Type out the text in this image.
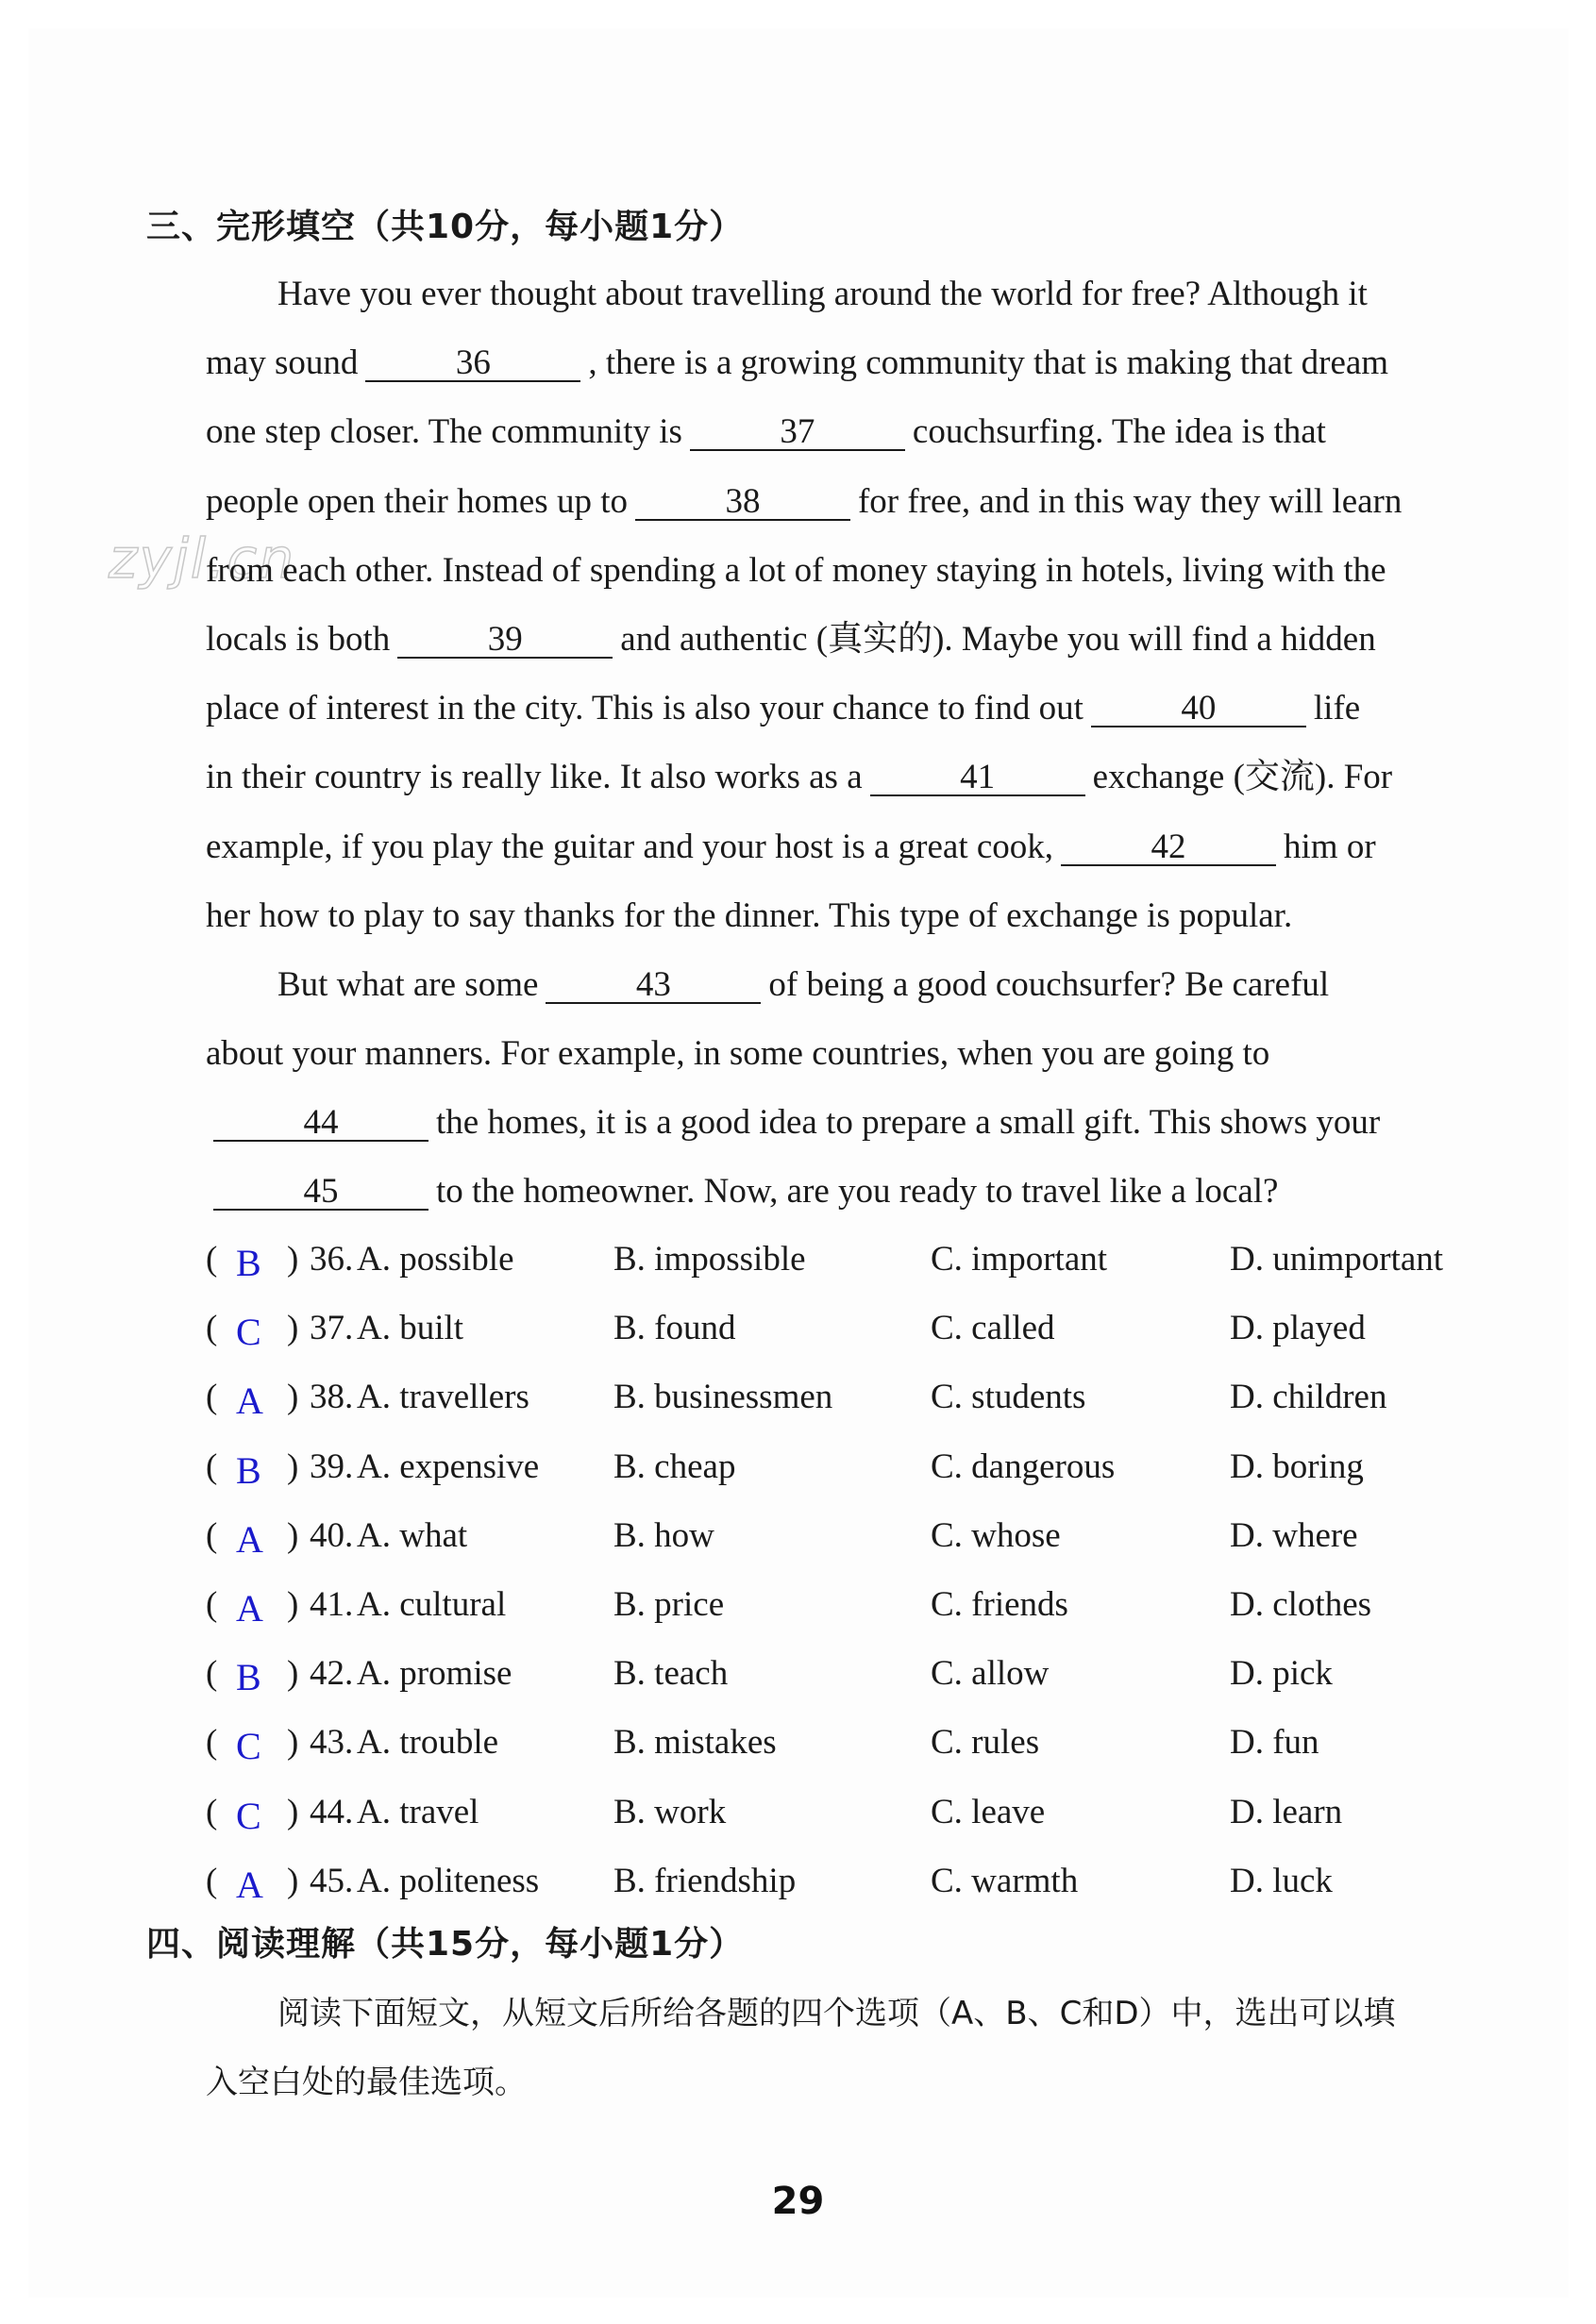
三、完形填空（共10分，每小题1分）
zyjl.cn
Have you ever thought about travelling around the world for free? Although it
may sound	36	, there is a growing community that is making that dream
one step closer. The community is	37	couchsurfing. The idea is that
people open their homes up to	38	for free, and in this way they will learn
from each other. Instead of spending a lot of money staying in hotels, living with the
locals is both	39	and authentic (真实的). Maybe you will find a hidden
place of interest in the city. This is also your chance to find out	40	life
in their country is really like. It also works as a	41	exchange (交流). For
example, if you play the guitar and your host is a great cook,	42	him or
her how to play to say thanks for the dinner. This type of exchange is popular.
But what are some	43	of being a good couchsurfer? Be careful
about your manners. For example, in some countries, when you are going to
44	the homes, it is a good idea to prepare a small gift. This shows your
45	to the homeowner. Now, are you ready to travel like a local?
( B ) 36. A. possible	B. impossible	C. important	D. unimportant
( C ) 37. A. built	B. found	C. called	D. played
( A ) 38. A. travellers B. businessmen	C. students	D. children
( B ) 39. A. expensive B. cheap	C. dangerous	D. boring
( A ) 40. A. what	B. how	C. whose	D. where
( A ) 41. A. cultural	B. price	C. friends	D. clothes
( B ) 42. A. promise	B. teach	C. allow	D. pick
( C ) 43. A. trouble	B. mistakes	C. rules	D. fun
( C ) 44. A. travel	B. work	C. leave	D. learn
( A ) 45. A. politeness B. friendship	C. warmth	D. luck
四、阅读理解（共15分，每小题1分）
阅读下面短文，从短文后所给各题的四个选项（A、B、C和D）中，选出可以填
入空白处的最佳选项。
29
